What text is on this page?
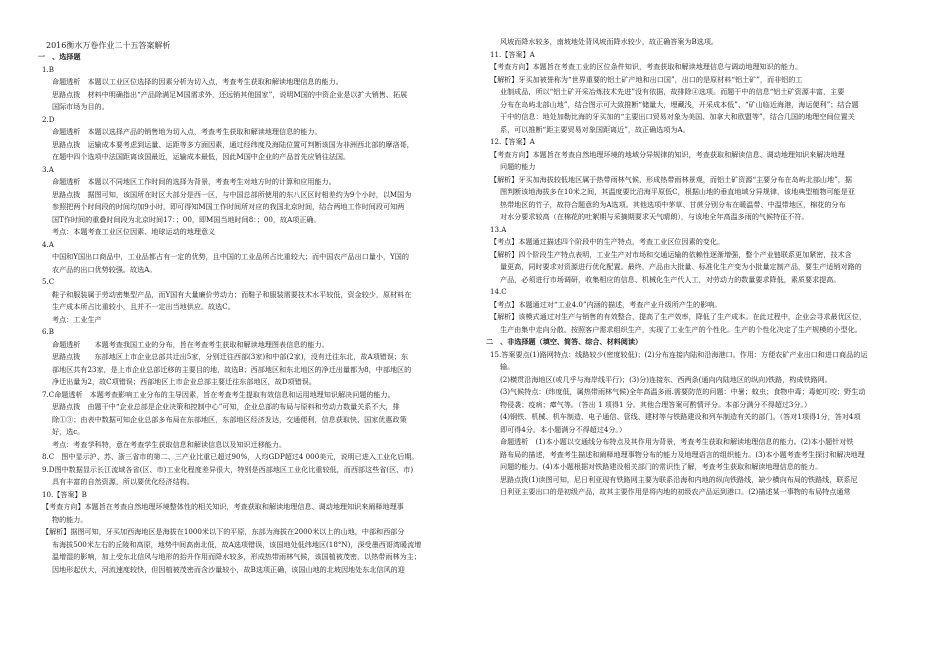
2016衡水万卷作业二十五答案解析
一　、选择题
1.B
命题透析　本题以工业区位选择的因素分析为切入点，考查考生获取和解读地理信息的能力。
思路点拨　材料中明确指出“产品除满足M国需求外，还远销其他国家”，说明M国的中资企业是以扩大销售、拓展
国际市场为目的。
2.D
命题透析　本题以选择产品的销售地为切入点，考查考生获取和解读地理信息的能力。
思路点拨　运输成本要考虑到运量、运距等多方面因素，通过经纬度及海陆位置可判断该国为非洲西北部的摩洛哥，
在题中四个选项中法国距离该国最近，运输成本最低，因此M国中企业的产品首先应销往法国。
3.A
命题透析　本题以不同地区工作时间的选择为背景，考查考生对地方时的计算和应用能力。
思路点拨　据图可知，该国所在时区大部分是西一区，与中国总部所使用的东八区区时相差约为9个小时，以M国为
参照把两个时间段的时间均加9小时，即可得知M国工作时间所对应的我国北京时间，结合两地工作时间段可知两
国T作时间的重叠时间段为北京时间17：；00，即M国当地时间8：；00，故A项正确。
考点：本题考查工业区位因素、地球运动的地理意义
4.A
中国和Y国出口商品中，工业品都占有一定的优势，且中国的工业品所占比重较大；而中国农产品出口量小，Y国的
农产品的出口优势较强。故选A。
5.C
鞋子和服装属于劳动密集型产品，而Y国有大量廉价劳动力；而鞋子和服装需要技术水平较低，资金较少，原材料在
生产成本所占比重较小，且并不一定出当地供应。故选C。
考点：工业生产
6.B
命题透析　　本题考查我国工业的分布，旨在考查考生获取和解读地理图表信息的能力。
思路点拨　　东部地区上市企业总部共迁出5家，分别迁往西部(3家)和中部(2家)，没有迁往东北，故A项错误；东
部地区共有23家，是上市企业总部迁移的主要目的地，故选B；西部地区和东北地区的净迁出量都为8，中部地区的
净迁出量为2，故C项错误；西部地区上市企业总部主要迁往东部地区，故D项错误。
7.C命题透析　本题考查影响工业分布的主导因素，旨在考查考生提取有效信息和运用地理知识解决问题的能力。
思路点拨　由题干中“企业总部是企业决策和控制中心”可知，企业总部的布局与原料和劳动力数量关系不大，排
除①③；由表中数据可知企业总部多布局在东部地区，东部地区经济发达，交通便利，信息获取快、国家优惠政策
好，选c。
考点：考查学科特，意在考查学生获取信息和解读信息以及知识迁移能力。
8.C　图中显示沪、苏、浙三省市的第二、三产业比重已超过90%，人均GDP超过4 000美元，说明已进入工业化后期。
9.D图中数据显示长江流域各省(区、市)工业化程度差异很大，特别是西部地区工业化比重较低，而西部这些省(区、市)
具有丰富的自然资源，所以要优化经济结构。
10.【答案】B
【考查方向】本题旨在考查自然地理环境整体性的相关知识，考查获取和解读地理信息、调动地理知识来阐释地理事
物的能力。
【解析】据图可知，牙买加西海地区是海拔在1000米以下的平原，东部为海拔在2000米以上的山地，中部和西部分
布海拔500米左右的丘陵和高原，地势中间高南北低，故A选项错误，该国地处低纬地区(18°N)，深受墨西哥湾暖流增
温增湿的影响，加上受东北信风与地形的抬升作用而降水较多，形成热带雨林气候，该国植被茂密，以热带雨林为主；
因地形起伏大，河流速度较快，但因植被茂密而含沙量较小，故B选项正确，该国山地的北坡因地处东北信风的迎
风坡而降水较多，南坡地处背风坡而降水较少，故正确答案为B选项。
11.【答案】A
【考查方向】本题旨在考查工业的区位条件知识，考查获取和解读地理信息与调动地理知识的能力。
【解析】牙买加被誉称为“世界重要的铝土矿产地和出口国”，出口的是原材料“铝土矿”，而非铝的工
业制成品，所以“铝土矿开采冶炼技术先进”没有依据，故排除④选项。而题干中的信息“铝土矿资源丰富，主要
分布在岛屿北部山地”，结合图示可大致推断“储量大，埋藏浅，开采成本低”、“矿山临近海港，海运便利”；结合题
干中的信息：地处加勒比海的牙买加的“主要出口贸易对象为美国、加拿大和欧盟等”，结合几国的地理空间位置关
系，可以推断“距主要贸易对象国距离近”，故正确选项为A。
12.【答案】A
【考查方向】本题旨在考查自然地理环境的地域分异规律的知识，考查获取和解读信息、调动地理知识来解决地理
问题的能力
【解析】牙买加海拔较低地区属于热带雨林气候，形成热带雨林景观，而铝土矿资源“主要分布在岛屿北部山地”，据
图判断该地海拔多在10米之间，其温度要比沿海平原低C，根据山地的垂直地域分异规律，该地典型植物可能是亚
热带地区的竹子，故符合题意的为A选项。其他选项中茅草、甘蔗分别分布在暖温带、中温带地区，棉花的分布
对水分要求较高（在棉花的吐絮期与采摘期要求天气晴朗），与该地全年高温多雨的气候特征不符。
13.A
【考点】本题通过描述四个阶段中的生产特点，考查工业区位因素的变化。
【解析】四个阶段生产特点表明，工业生产对市场和交通运输的依赖性逐渐增强，整个产业链联系更加紧密，技术含
量更高，同时要求对资源进行优化配置。最终，产品由大批量、标准化生产变为小批量定制产品，要生产适销对路的
产品，必须进行市场调研，收集相应的信息、机械化生产代人工，对劳动力的数量要求降低，素质要求提高。
14.C
【考点】本题通过对“工业4.0”内涵的描述，考查产业升级所产生的影响。
【解析】该模式通过对生产与销售的有效整合，提高了生产效率，降低了生产成本。在此过程中，企业会寻求最优区位，
生产由集中走向分散。按照客户需求组织生产，实现了工业生产的个性化。生产的个性化决定了生产规模的小型化。
二　、非选择题（填空、简答、综合、材料阅读）
15.答案要点(1)路网特点：线路较少(密度较低)；(2)分布连接内陆和沿海港口。作用：方便农矿产业出口和进口商品的运
输。
(2)横贯沿海地区(或几乎与海岸线平行)；(3)分)连接东、西两条(通向内陆地区的纵向)铁路，构成铁路网。
(3)气候特点：(纬度低，属热带雨林气候)全年高温多雨.需要防范的问题：中暑；蚊虫；食物中毒；毒蛇叮咬；野生动
物侵袭；疫病；瘴气等。（答出 1 项得1 分。其他合理答案可酌情评分。本部分满分不得超过3分。）
(4)钢铁、机械、机车制造、电子通信、管线、建材等与铁路建设和列车制造有关的部门。（答对1项得1分，答对4项
即可得4分。本小题满分不得超过4分。）
命题透析　(1)本小题以交通线分布特点及其作用为背景，考查考生获取和解读地理信息的能力。(2)本小题针对铁
路布局的描述，考查考生描述和阐释地理事物分布的能力及地理语言的组织能力。(3)本小题考查考生探讨和解决地理
问题的能力。(4)本小题根据对铁路建设相关部门的常识性了解，考查考生获取和解读地理信息的能力。
思路点拨(1)读图可知，尼日利亚现有铁路网主要为联系沿海和内地的纵向铁路线，缺少横向布局的铁路线，联系尼
日利亚主要出口的是初级产品，故其主要作用是将内地的初级农产品运到港口。(2)描述某一事物的布局特点通常
